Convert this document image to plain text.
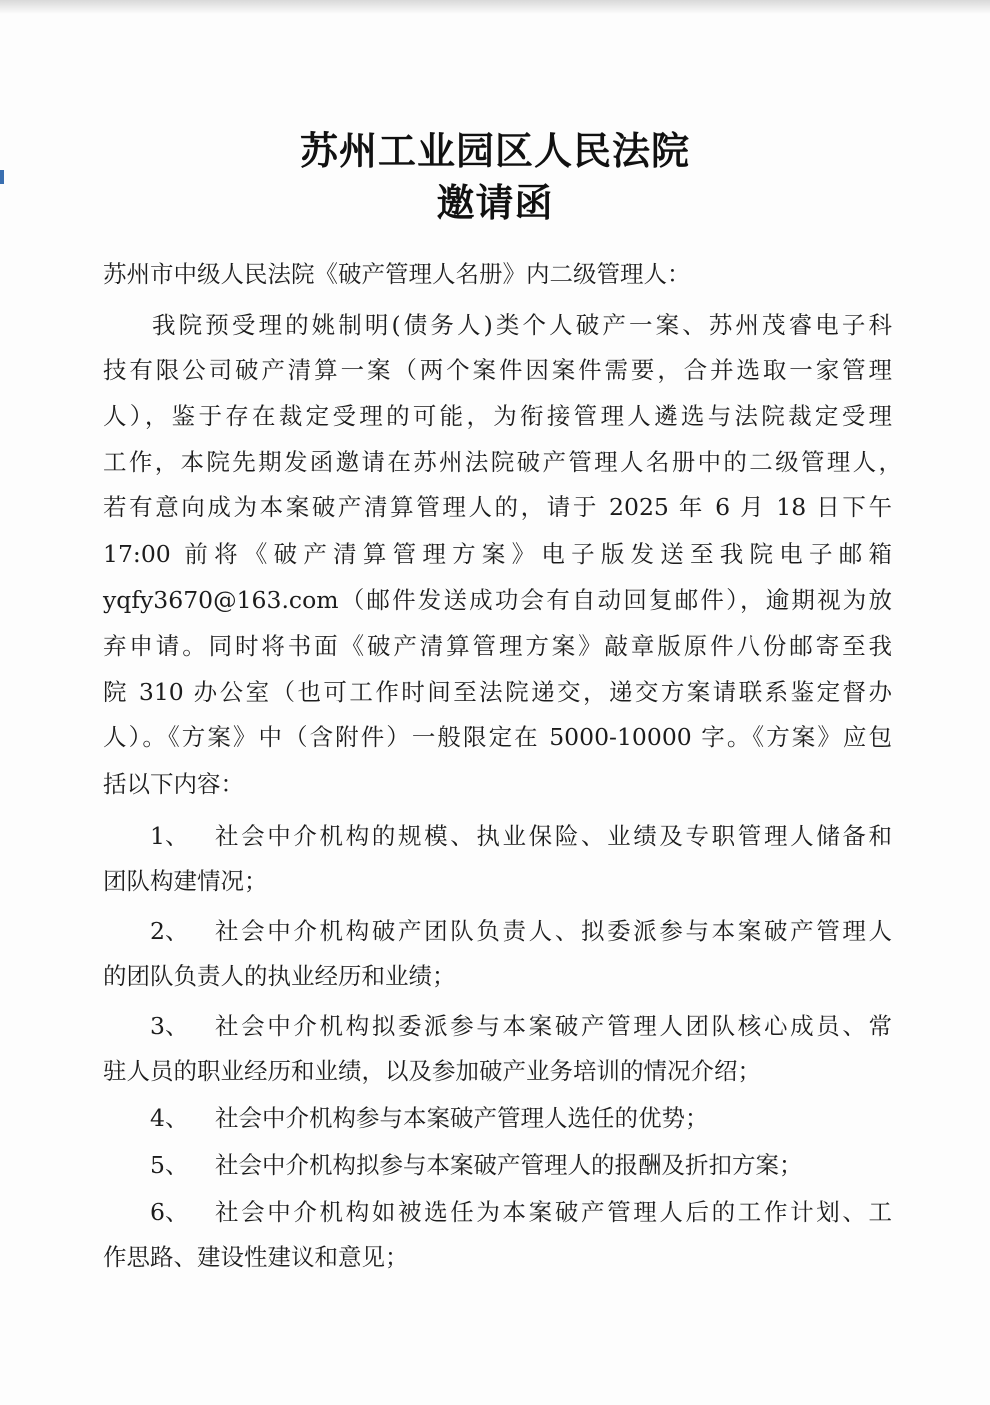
苏州工业园区人民法院
邀请函
苏州市中级人民法院《破产管理人名册》内二级管理人：
我院预受理的姚制明(债务人)类个人破产一案、苏州茂睿电子科
技有限公司破产清算一案（两个案件因案件需要，合并选取一家管理
人），鉴于存在裁定受理的可能，为衔接管理人遴选与法院裁定受理
工作，本院先期发函邀请在苏州法院破产管理人名册中的二级管理人，
若有意向成为本案破产清算管理人的，请于 2025 年 6 月 18 日下午
17:00 前将《破产清算管理方案》电子版发送至我院电子邮箱
yqfy3670@163.com（邮件发送成功会有自动回复邮件），逾期视为放
弃申请。同时将书面《破产清算管理方案》敲章版原件八份邮寄至我
院 310 办公室（也可工作时间至法院递交，递交方案请联系鉴定督办
人）。《方案》中（含附件）一般限定在 5000-10000 字。《方案》应包
括以下内容：
1、 社会中介机构的规模、执业保险、业绩及专职管理人储备和
团队构建情况；
2、 社会中介机构破产团队负责人、拟委派参与本案破产管理人
的团队负责人的执业经历和业绩；
3、 社会中介机构拟委派参与本案破产管理人团队核心成员、常
驻人员的职业经历和业绩，以及参加破产业务培训的情况介绍；
4、 社会中介机构参与本案破产管理人选任的优势；
5、 社会中介机构拟参与本案破产管理人的报酬及折扣方案；
6、 社会中介机构如被选任为本案破产管理人后的工作计划、工
作思路、建设性建议和意见；
